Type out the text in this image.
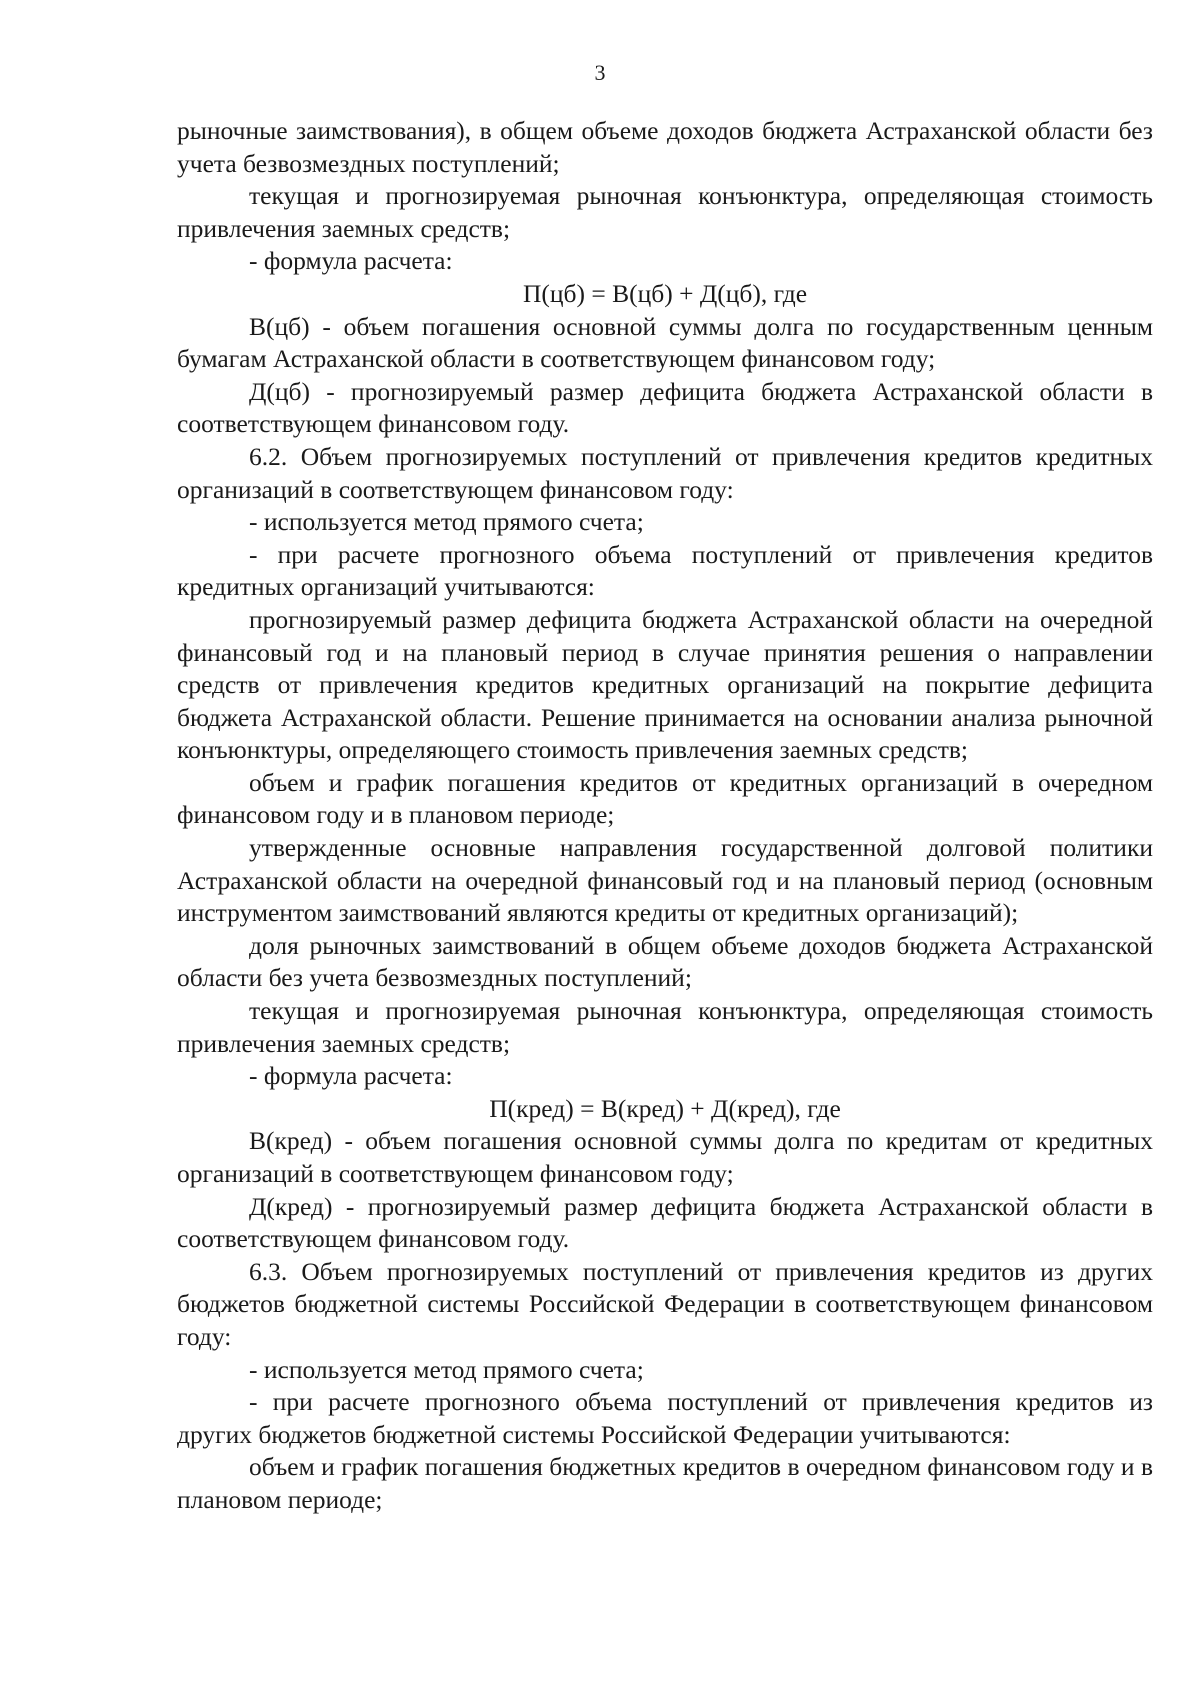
3

рыночные заимствования), в общем объеме доходов бюджета Астраханской области без учета безвозмездных поступлений;

текущая и прогнозируемая рыночная конъюнктура, определяющая стоимость привлечения заемных средств;

- формула расчета:

П(цб) = В(цб) + Д(цб), где

В(цб) - объем погашения основной суммы долга по государственным ценным бумагам Астраханской области в соответствующем финансовом году;

Д(цб) - прогнозируемый размер дефицита бюджета Астраханской области в соответствующем финансовом году.

6.2. Объем прогнозируемых поступлений от привлечения кредитов кредитных организаций в соответствующем финансовом году:

- используется метод прямого счета;

- при расчете прогнозного объема поступлений от привлечения кредитов кредитных организаций учитываются:

прогнозируемый размер дефицита бюджета Астраханской области на очередной финансовый год и на плановый период в случае принятия решения о направлении средств от привлечения кредитов кредитных организаций на покрытие дефицита бюджета Астраханской области. Решение принимается на основании анализа рыночной конъюнктуры, определяющего стоимость привлечения заемных средств;

объем и график погашения кредитов от кредитных организаций в очередном финансовом году и в плановом периоде;

утвержденные основные направления государственной долговой политики Астраханской области на очередной финансовый год и на плановый период (основным инструментом заимствований являются кредиты от кредитных организаций);

доля рыночных заимствований в общем объеме доходов бюджета Астраханской области без учета безвозмездных поступлений;

текущая и прогнозируемая рыночная конъюнктура, определяющая стоимость привлечения заемных средств;

- формула расчета:

П(кред) = В(кред) + Д(кред), где

В(кред) - объем погашения основной суммы долга по кредитам от кредитных организаций в соответствующем финансовом году;

Д(кред) - прогнозируемый размер дефицита бюджета Астраханской области в соответствующем финансовом году.

6.3. Объем прогнозируемых поступлений от привлечения кредитов из других бюджетов бюджетной системы Российской Федерации в соответствующем финансовом году:

- используется метод прямого счета;

- при расчете прогнозного объема поступлений от привлечения кредитов из других бюджетов бюджетной системы Российской Федерации учитываются:

объем и график погашения бюджетных кредитов в очередном финансовом году и в плановом периоде;
